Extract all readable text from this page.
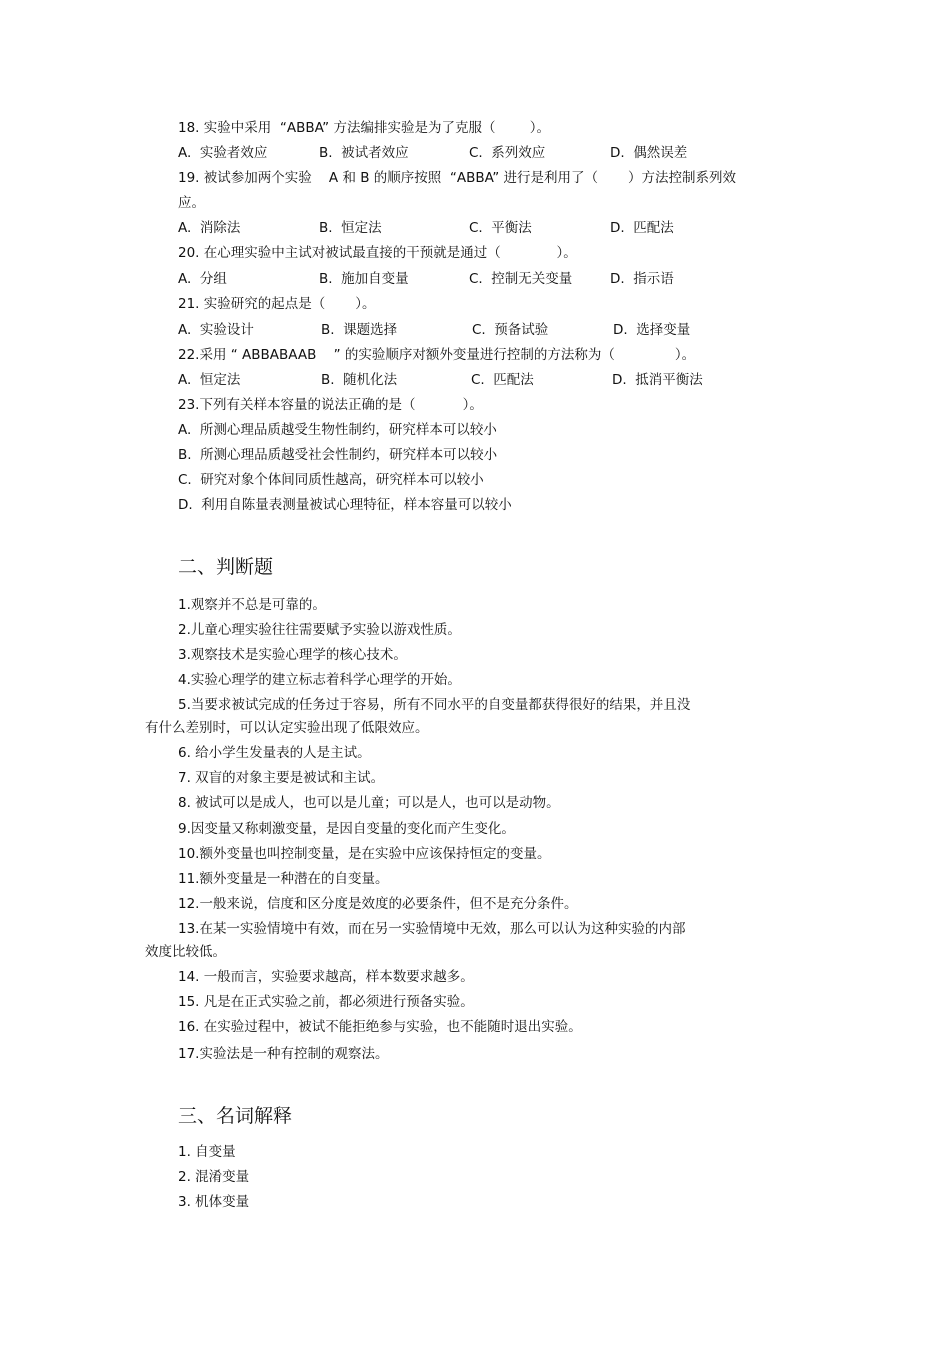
18. 实验中采用  “ABBA” 方法编排实验是为了克服（        ）。
A.  实验者效应	B.  被试者效应	C.  系列效应	D.  偶然误差
19. 被试参加两个实验    A 和 B 的顺序按照  “ABBA” 进行是利用了（       ）方法控制系列效
应。
A.  消除法	B.  恒定法	C.  平衡法	D.  匹配法
20. 在心理实验中主试对被试最直接的干预就是通过（             ）。
A.  分组	B.  施加自变量	C.  控制无关变量	D.  指示语
21. 实验研究的起点是（       ）。
A.  实验设计	B.  课题选择	C.  预备试验	D.  选择变量
22.采用 “ ABBABAAB    ” 的实验顺序对额外变量进行控制的方法称为（              ）。
A.  恒定法	B.  随机化法	C.  匹配法	D.  抵消平衡法
23.下列有关样本容量的说法正确的是（           ）。
A.  所测心理品质越受生物性制约，研究样本可以较小
B.  所测心理品质越受社会性制约，研究样本可以较小
C.  研究对象个体间同质性越高，研究样本可以较小
D.  利用自陈量表测量被试心理特征，样本容量可以较小
二、判断题
1.观察并不总是可靠的。
2.儿童心理实验往往需要赋予实验以游戏性质。
3.观察技术是实验心理学的核心技术。
4.实验心理学的建立标志着科学心理学的开始。
5.当要求被试完成的任务过于容易，所有不同水平的自变量都获得很好的结果，并且没
有什么差别时，可以认定实验出现了低限效应。
6. 给小学生发量表的人是主试。
7. 双盲的对象主要是被试和主试。
8. 被试可以是成人，也可以是儿童；可以是人，也可以是动物。
9.因变量又称刺激变量，是因自变量的变化而产生变化。
10.额外变量也叫控制变量，是在实验中应该保持恒定的变量。
11.额外变量是一种潜在的自变量。
12.一般来说，信度和区分度是效度的必要条件，但不是充分条件。
13.在某一实验情境中有效，而在另一实验情境中无效，那么可以认为这种实验的内部
效度比较低。
14. 一般而言，实验要求越高，样本数要求越多。
15. 凡是在正式实验之前，都必须进行预备实验。
16. 在实验过程中，被试不能拒绝参与实验，也不能随时退出实验。
17.实验法是一种有控制的观察法。
三、名词解释
1. 自变量
2. 混淆变量
3. 机体变量
